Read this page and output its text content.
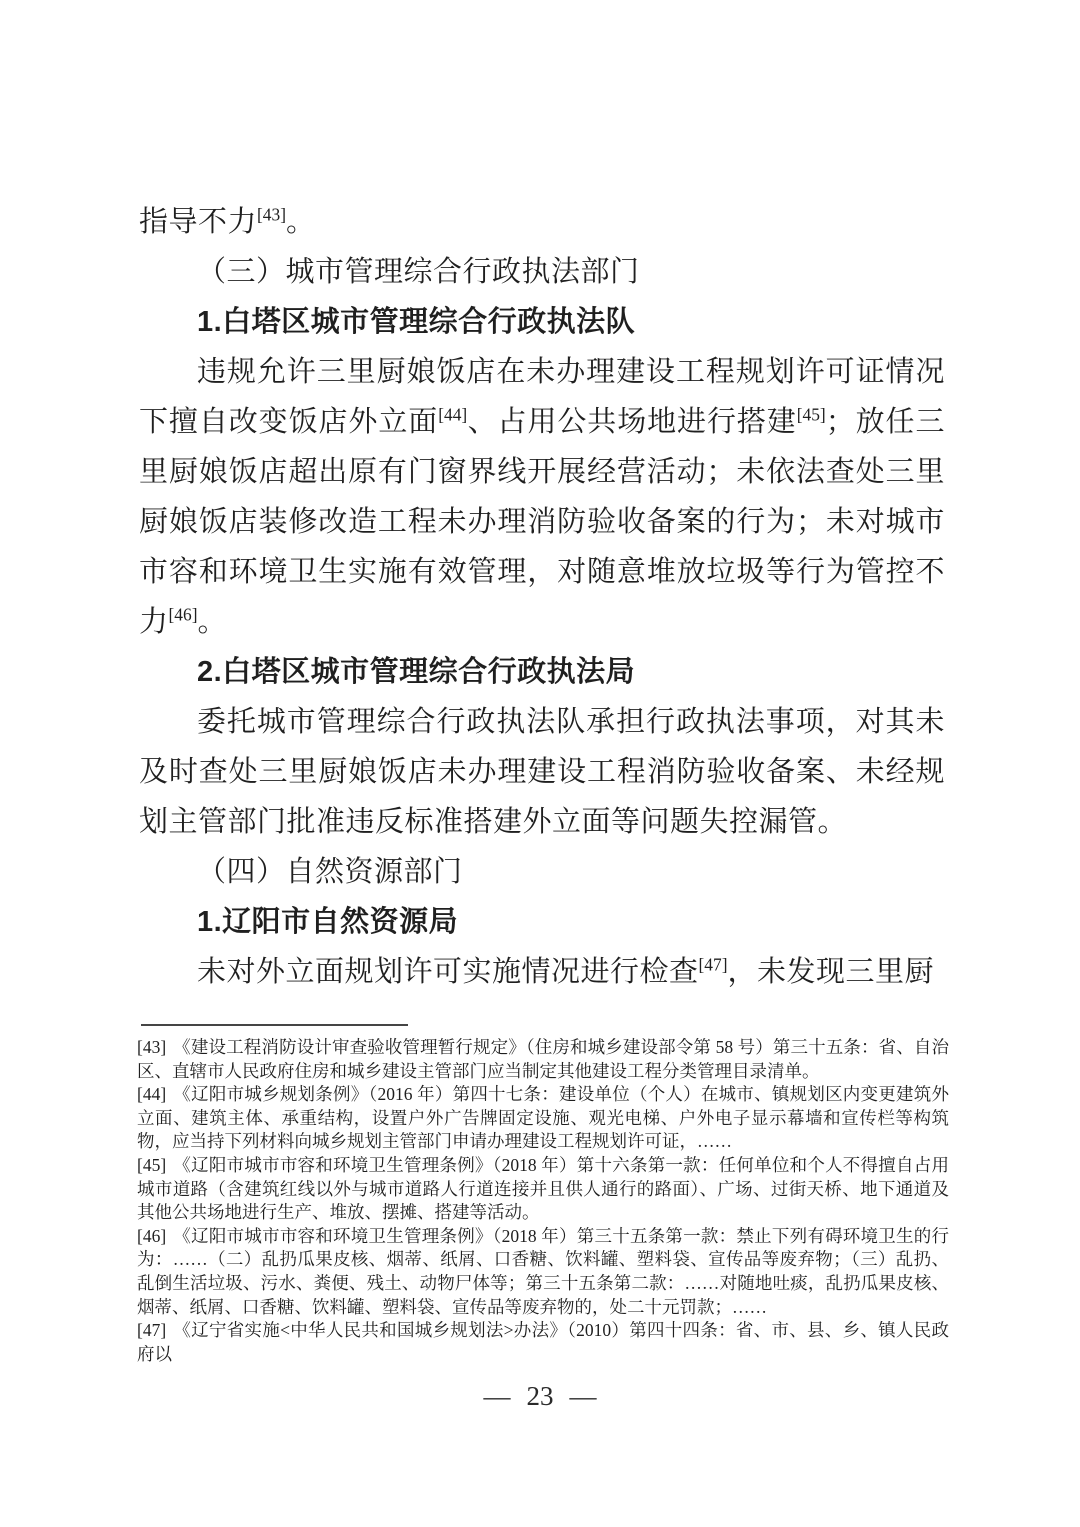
指导不力[43]。
（三）城市管理综合行政执法部门
1.白塔区城市管理综合行政执法队
违规允许三里厨娘饭店在未办理建设工程规划许可证情况下擅自改变饭店外立面[44]、占用公共场地进行搭建[45]；放任三里厨娘饭店超出原有门窗界线开展经营活动；未依法查处三里厨娘饭店装修改造工程未办理消防验收备案的行为；未对城市市容和环境卫生实施有效管理，对随意堆放垃圾等行为管控不力[46]。
2.白塔区城市管理综合行政执法局
委托城市管理综合行政执法队承担行政执法事项，对其未及时查处三里厨娘饭店未办理建设工程消防验收备案、未经规划主管部门批准违反标准搭建外立面等问题失控漏管。
（四）自然资源部门
1.辽阳市自然资源局
未对外立面规划许可实施情况进行检查[47]，未发现三里厨
[43] 《建设工程消防设计审查验收管理暂行规定》（住房和城乡建设部令第 58 号）第三十五条：省、自治区、直辖市人民政府住房和城乡建设主管部门应当制定其他建设工程分类管理目录清单。
[44] 《辽阳市城乡规划条例》（2016 年）第四十七条：建设单位（个人）在城市、镇规划区内变更建筑外立面、建筑主体、承重结构，设置户外广告牌固定设施、观光电梯、户外电子显示幕墙和宣传栏等构筑物，应当持下列材料向城乡规划主管部门申请办理建设工程规划许可证，……
[45] 《辽阳市城市市容和环境卫生管理条例》（2018 年）第十六条第一款：任何单位和个人不得擅自占用城市道路（含建筑红线以外与城市道路人行道连接并且供人通行的路面）、广场、过街天桥、地下通道及其他公共场地进行生产、堆放、摆摊、搭建等活动。
[46] 《辽阳市城市市容和环境卫生管理条例》（2018 年）第三十五条第一款：禁止下列有碍环境卫生的行为：……（二）乱扔瓜果皮核、烟蒂、纸屑、口香糖、饮料罐、塑料袋、宣传品等废弃物；（三）乱扔、乱倒生活垃圾、污水、粪便、残土、动物尸体等；第三十五条第二款：……对随地吐痰，乱扔瓜果皮核、烟蒂、纸屑、口香糖、饮料罐、塑料袋、宣传品等废弃物的，处二十元罚款；……
[47] 《辽宁省实施<中华人民共和国城乡规划法>办法》（2010）第四十四条：省、市、县、乡、镇人民政府以
— 23 —
